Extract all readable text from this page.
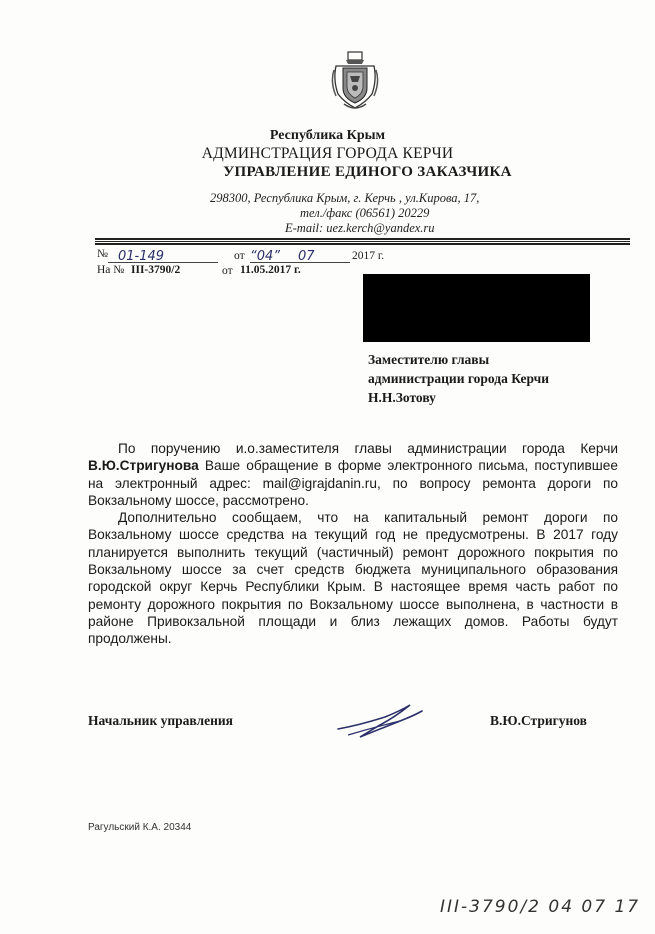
Республика Крым
АДМИНСТРАЦИЯ ГОРОДА КЕРЧИ
УПРАВЛЕНИЕ ЕДИНОГО ЗАКАЗЧИКА
298300, Республика Крым, г. Керчь , ул.Кирова, 17,
тел./факс (06561) 20229
E-mail: uez.kerch@yandex.ru
№ 01-149	от “04” 07	2017 г.
На № III-3790/2	от 11.05.2017 г.
Заместителю главы
администрации города Керчи
Н.Н.Зотову

По поручению и.о.заместителя главы администрации города Керчи В.Ю.Стригунова Ваше обращение в форме электронного письма, поступившее на электронный адрес: mail@igrajdanin.ru, по вопросу ремонта дороги по Вокзальному шоссе, рассмотрено.

Дополнительно сообщаем, что на капитальный ремонт дороги по Вокзальному шоссе средства на текущий год не предусмотрены. В 2017 году планируется выполнить текущий (частичный) ремонт дорожного покрытия по Вокзальному шоссе за счет средств бюджета муниципального образования городской округ Керчь Республики Крым. В настоящее время часть работ по ремонту дорожного покрытия по Вокзальному шоссе выполнена, в частности в районе Привокзальной площади и близ лежащих домов. Работы будут продолжены.

Начальник управления	В.Ю.Стригунов
Рагульский К.А. 20344
III-3790/2 04 07 17
